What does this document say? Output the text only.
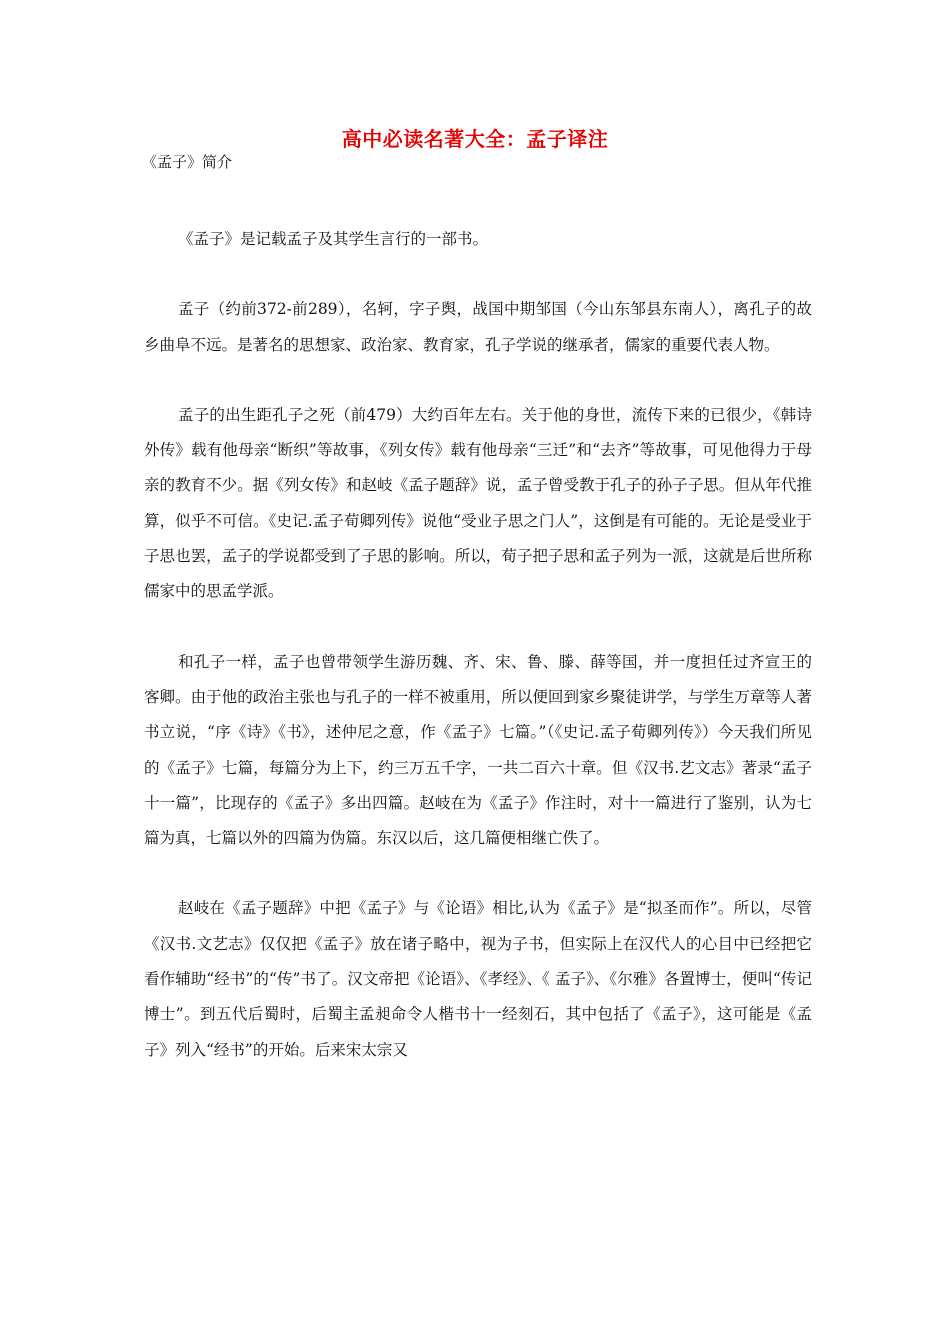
高中必读名著大全：孟子译注
《孟子》简介

《孟子》是记载孟子及其学生言行的一部书。

孟子（约前372-前289），名轲，字子舆，战国中期邹国（今山东邹县东南人），离孔子的故乡曲阜不远。是著名的思想家、政治家、教育家，孔子学说的继承者，儒家的重要代表人物。

孟子的出生距孔子之死（前479）大约百年左右。关于他的身世，流传下来的已很少，《韩诗外传》载有他母亲“断织”等故事，《列女传》载有他母亲“三迁”和“去齐”等故事，可见他得力于母亲的教育不少。据《列女传》和赵岐《孟子题辞》说，孟子曾受教于孔子的孙子子思。但从年代推算，似乎不可信。《史记.孟子荀卿列传》说他“受业子思之门人”，这倒是有可能的。无论是受业于子思也罢，孟子的学说都受到了子思的影响。所以，荀子把子思和孟子列为一派，这就是后世所称儒家中的思孟学派。

和孔子一样，孟子也曾带领学生游历魏、齐、宋、鲁、滕、薛等国，并一度担任过齐宣王的客卿。由于他的政治主张也与孔子的一样不被重用，所以便回到家乡聚徒讲学，与学生万章等人著书立说，“序《诗》《书》，述仲尼之意，作《孟子》七篇。”（《史记.孟子荀卿列传》）今天我们所见的《孟子》七篇，每篇分为上下，约三万五千字，一共二百六十章。但《汉书.艺文志》著录“孟子十一篇”，比现存的《孟子》多出四篇。赵岐在为《孟子》作注时，对十一篇进行了鉴别，认为七篇为真，七篇以外的四篇为伪篇。东汉以后，这几篇便相继亡佚了。

赵岐在《孟子题辞》中把《孟子》与《论语》相比,认为《孟子》是“拟圣而作”。所以，尽管《汉书.文艺志》仅仅把《孟子》放在诸子略中，视为子书，但实际上在汉代人的心目中已经把它看作辅助“经书”的“传”书了。汉文帝把《论语》、《孝经》、《 孟子》、《尔雅》各置博士，便叫“传记博士”。到五代后蜀时，后蜀主孟昶命令人楷书十一经刻石，其中包括了《孟子》，这可能是《孟子》列入“经书”的开始。后来宋太宗又
